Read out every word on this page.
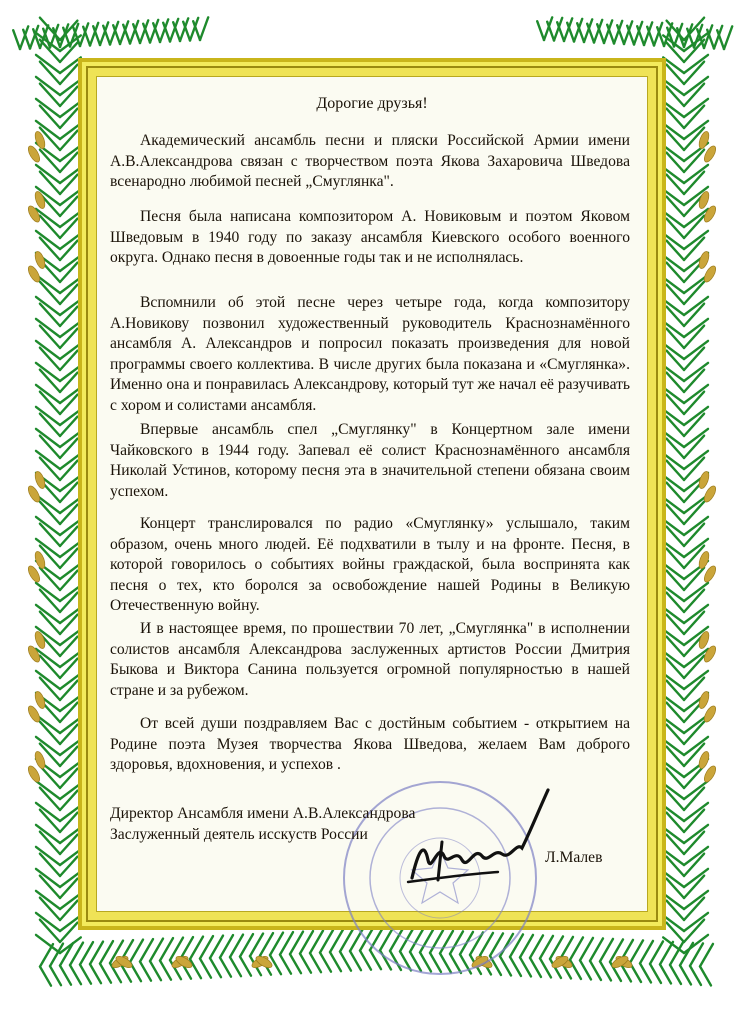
Дорогие друзья!
Академический ансамбль песни и пляски Российской Армии имени А.В.Александрова связан с творчеством поэта Якова Захаровича Шведова всенародно любимой песней „Смуглянка".
Песня была написана композитором А. Новиковым и поэтом Яковом Шведовым в 1940 году по заказу ансамбля Киевского особого военного округа. Однако песня в довоенные годы так и не исполнялась.
Вспомнили об этой песне через четыре года, когда композитору А.Новикову позвонил художественный руководитель Краснознамённого ансамбля А. Александров и попросил показать произведения для новой программы своего коллектива. В числе других была показана и «Смуглянка». Именно она и понравилась Александрову, который тут же начал её разучивать с хором и солистами ансамбля.
Впервые ансамбль спел „Смуглянку" в Концертном зале имени Чайковского в 1944 году. Запевал её солист Краснознамённого ансамбля Николай Устинов, которому песня эта в значительной степени обязана своим успехом.
Концерт транслировался по радио «Смуглянку» услышало, таким образом, очень много людей. Её подхватили в тылу и на фронте. Песня, в которой говорилось о событиях войны граждаской, была воспринята как песня о тех, кто боролся за освобождение нашей Родины в Великую Отечественную войну.
И в настоящее время, по прошествии 70 лет, „Смуглянка" в исполнении солистов ансамбля Александрова заслуженных артистов России Дмитрия Быкова и Виктора Санина пользуется огромной популярностью в нашей стране и за рубежом.
От всей души поздравляем Вас с достйным событием - открытием на Родине поэта Музея творчества Якова Шведова, желаем Вам доброго здоровья, вдохновения, и успехов .
Директор Ансамбля имени А.В.Александрова
Заслуженный деятель исскуств России
Л.Малев
